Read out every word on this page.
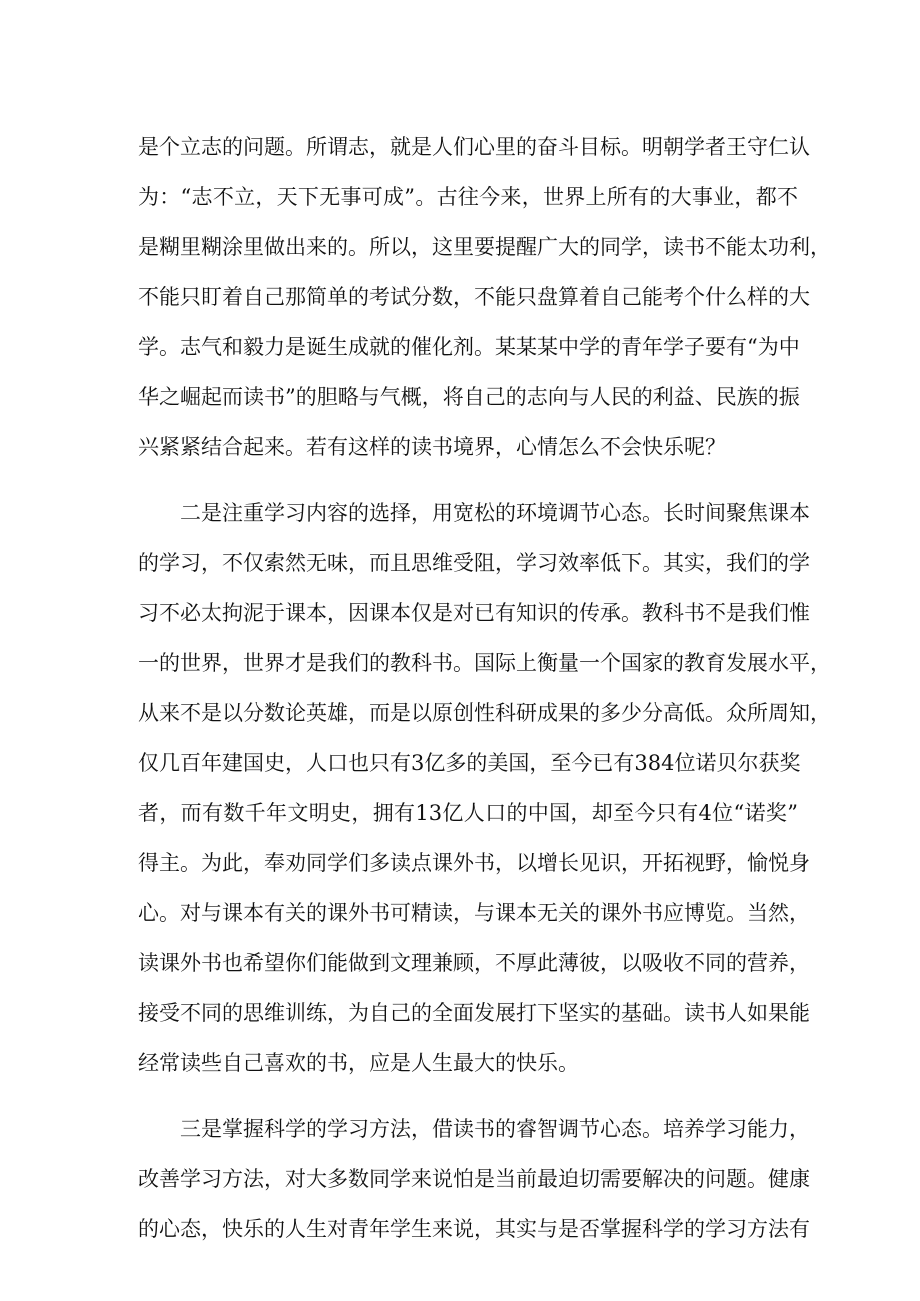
是个立志的问题。所谓志，就是人们心里的奋斗目标。明朝学者王守仁认
为：“志不立，天下无事可成”。古往今来，世界上所有的大事业，都不
是糊里糊涂里做出来的。所以，这里要提醒广大的同学，读书不能太功利，
不能只盯着自己那简单的考试分数，不能只盘算着自己能考个什么样的大
学。志气和毅力是诞生成就的催化剂。某某某中学的青年学子要有“为中
华之崛起而读书”的胆略与气概，将自己的志向与人民的利益、民族的振
兴紧紧结合起来。若有这样的读书境界，心情怎么不会快乐呢？
二是注重学习内容的选择，用宽松的环境调节心态。长时间聚焦课本
的学习，不仅索然无味，而且思维受阻，学习效率低下。其实，我们的学
习不必太拘泥于课本，因课本仅是对已有知识的传承。教科书不是我们惟
一的世界，世界才是我们的教科书。国际上衡量一个国家的教育发展水平，
从来不是以分数论英雄，而是以原创性科研成果的多少分高低。众所周知，
仅几百年建国史，人口也只有3亿多的美国，至今已有384位诺贝尔获奖
者，而有数千年文明史，拥有13亿人口的中国，却至今只有4位“诺奖”
得主。为此，奉劝同学们多读点课外书，以增长见识，开拓视野，愉悦身
心。对与课本有关的课外书可精读，与课本无关的课外书应博览。当然，
读课外书也希望你们能做到文理兼顾，不厚此薄彼，以吸收不同的营养，
接受不同的思维训练，为自己的全面发展打下坚实的基础。读书人如果能
经常读些自己喜欢的书，应是人生最大的快乐。
三是掌握科学的学习方法，借读书的睿智调节心态。培养学习能力，
改善学习方法，对大多数同学来说怕是当前最迫切需要解决的问题。健康
的心态，快乐的人生对青年学生来说，其实与是否掌握科学的学习方法有
